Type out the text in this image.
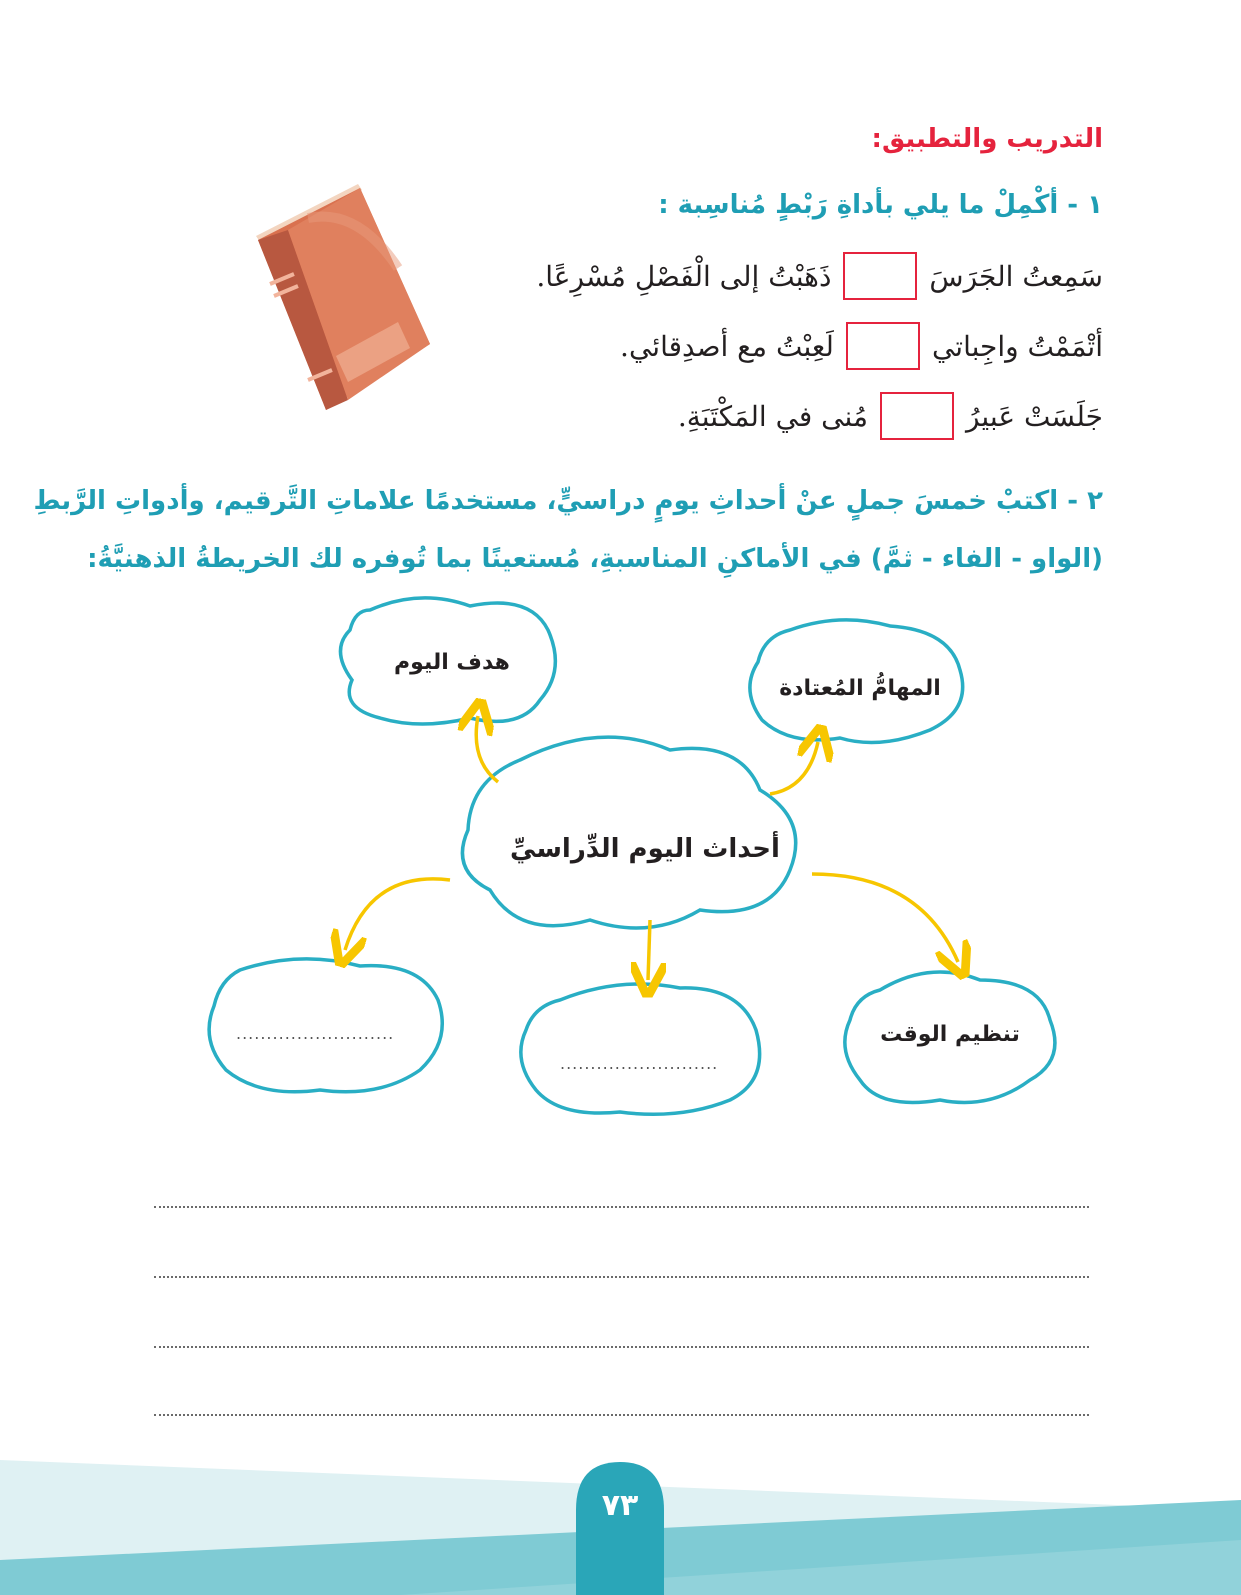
التدريب والتطبيق:
١ - أكْمِلْ ما يلي بأداةِ رَبْطٍ مُناسِبة :
سَمِعتُ الجَرَسَ
ذَهَبْتُ إلى الْفَصْلِ مُسْرِعًا.
أتْمَمْتُ واجِباتي
لَعِبْتُ مع أصدِقائي.
جَلَسَتْ عَبيرُ
مُنى في المَكْتَبَةِ.
٢ - اكتبْ خمسَ جملٍ عنْ أحداثِ يومٍ دراسيٍّ، مستخدمًا علاماتِ التَّرقيم، وأدواتِ الرَّبطِ
(الواو - الفاء - ثمَّ) في الأماكنِ المناسبةِ، مُستعينًا بما تُوفره لك الخريطةُ الذهنيَّةُ:
هدف اليوم
المهامُّ المُعتادة
أحداث اليوم الدِّراسيِّ
تنظيم الوقت
..........................
..........................
٧٣
